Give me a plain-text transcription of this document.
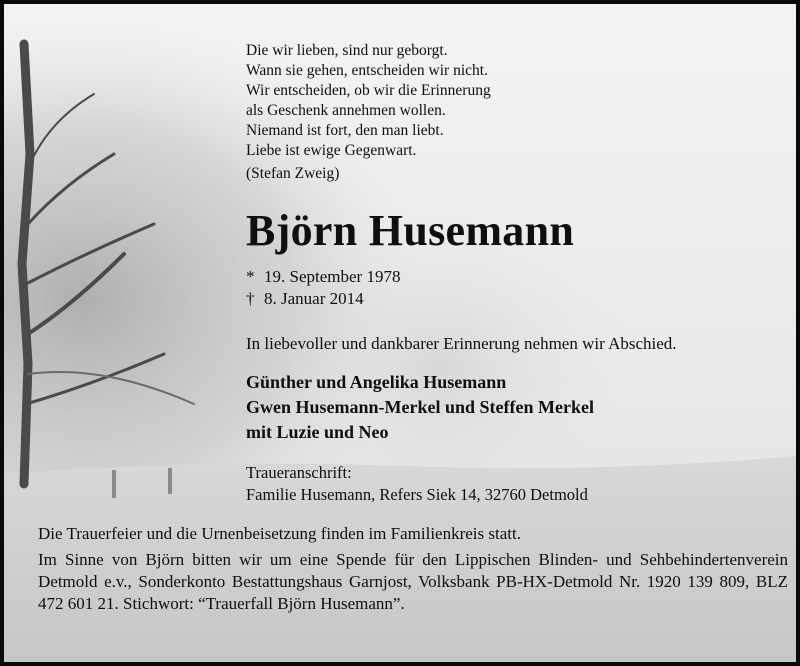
Die wir lieben, sind nur geborgt.
Wann sie gehen, entscheiden wir nicht.
Wir entscheiden, ob wir die Erinnerung
als Geschenk annehmen wollen.
Niemand ist fort, den man liebt.
Liebe ist ewige Gegenwart.
(Stefan Zweig)
Björn Husemann
* 19. September 1978
† 8. Januar 2014
In liebevoller und dankbarer Erinnerung nehmen wir Abschied.
Günther und Angelika Husemann
Gwen Husemann-Merkel und Steffen Merkel
mit Luzie und Neo
Traueranschrift:
Familie Husemann, Refers Siek 14, 32760 Detmold
Die Trauerfeier und die Urnenbeisetzung finden im Familienkreis statt.
Im Sinne von Björn bitten wir um eine Spende für den Lippischen Blinden- und Sehbehindertenverein Detmold e.v., Sonderkonto Bestattungshaus Garnjost, Volksbank PB-HX-Detmold Nr. 1920 139 809, BLZ 472 601 21. Stichwort: “Trauerfall Björn Husemann”.
